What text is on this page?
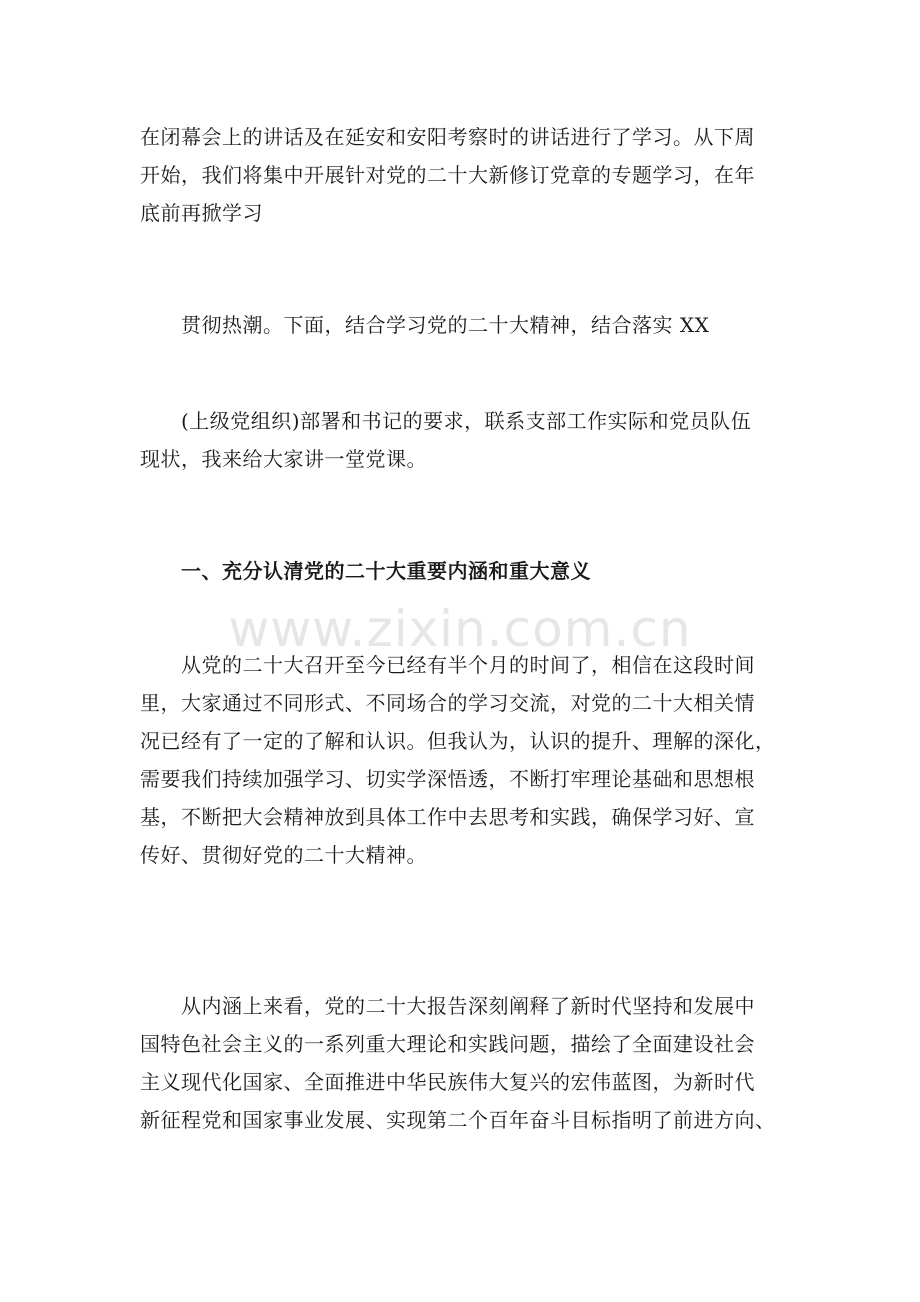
在闭幕会上的讲话及在延安和安阳考察时的讲话进行了学习。从下周
开始，我们将集中开展针对党的二十大新修订党章的专题学习，在年
底前再掀学习
　　贯彻热潮。下面，结合学习党的二十大精神，结合落实 XX
　　(上级党组织)部署和书记的要求，联系支部工作实际和党员队伍
现状，我来给大家讲一堂党课。
　　一、充分认清党的二十大重要内涵和重大意义
www.zixin.com.cn
　　从党的二十大召开至今已经有半个月的时间了，相信在这段时间
里，大家通过不同形式、不同场合的学习交流，对党的二十大相关情
况已经有了一定的了解和认识。但我认为，认识的提升、理解的深化，
需要我们持续加强学习、切实学深悟透，不断打牢理论基础和思想根
基，不断把大会精神放到具体工作中去思考和实践，确保学习好、宣
传好、贯彻好党的二十大精神。
　　从内涵上来看，党的二十大报告深刻阐释了新时代坚持和发展中
国特色社会主义的一系列重大理论和实践问题，描绘了全面建设社会
主义现代化国家、全面推进中华民族伟大复兴的宏伟蓝图，为新时代
新征程党和国家事业发展、实现第二个百年奋斗目标指明了前进方向、
